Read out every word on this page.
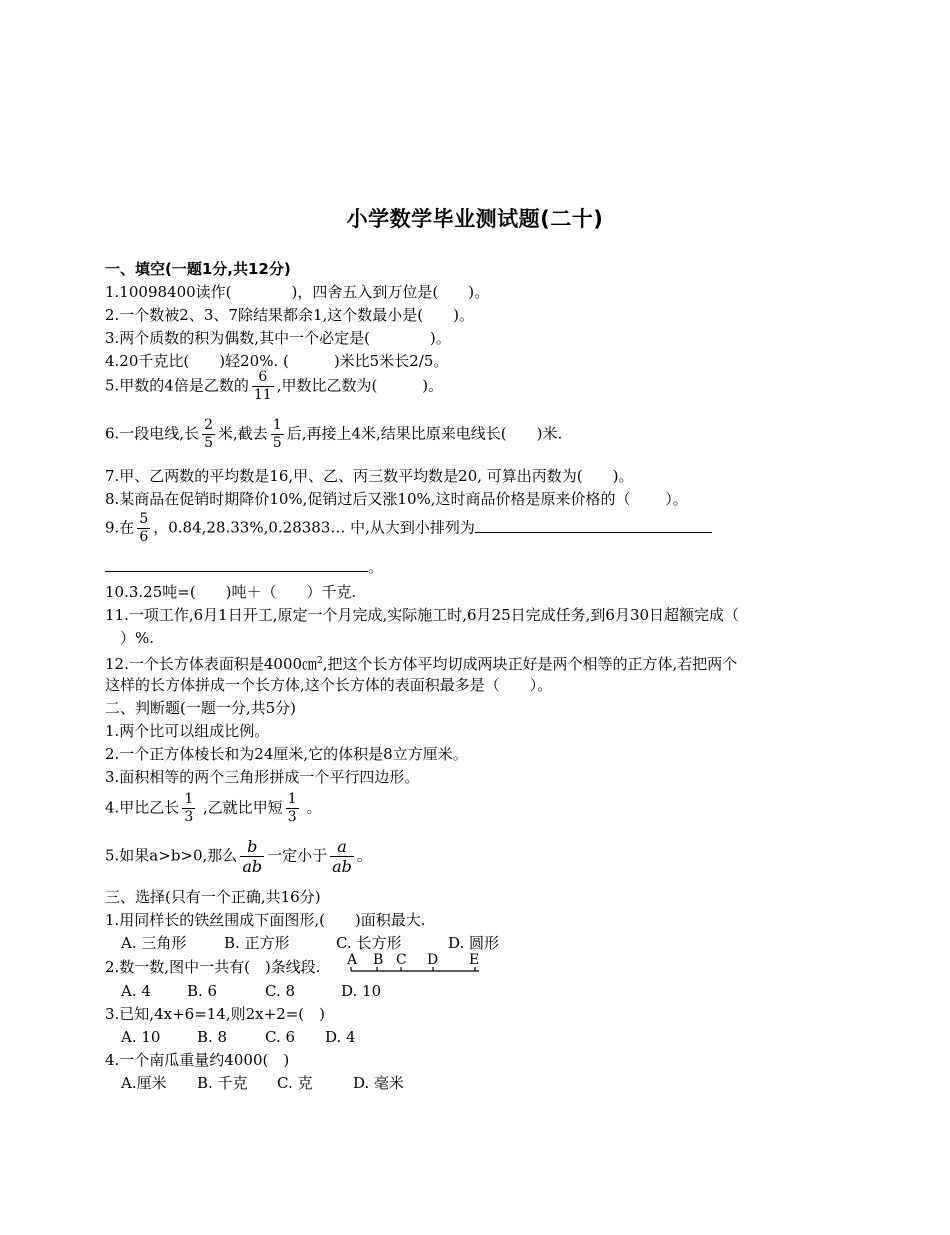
小学数学毕业测试题(二十)
一、填空(一题1分,共12分)
1.10098400读作(　　　　)，四舍五入到万位是(　　)。
2.一个数被2、3、7除结果都余1,这个数最小是(　　)。
3.两个质数的积为偶数,其中一个必定是(　　　　)。
4.20千克比(　　)轻20%. (　　　)米比5米长2/5。
5.甲数的4倍是乙数的 $\frac{6}{11}$ ,甲数比乙数为(　　　)。
6.一段电线,长 $\frac{2}{5}$ 米,截去 $\frac{1}{5}$ 后,再接上4米,结果比原来电线长(　　)米.
7.甲、乙两数的平均数是16,甲、乙、丙三数平均数是20, 可算出丙数为(　　)。
8.某商品在促销时期降价10%,促销过后又涨10%,这时商品价格是原来价格的（　　 ）。
9.在 $\frac{5}{6}$ ，0.84,28.33%,0.28383… 中,从大到小排列为
。
10.3.25吨=(　　)吨＋（　　）千克.
11.一项工作,6月1日开工,原定一个月完成,实际施工时,6月25日完成任务,到6月30日超额完成（
　）%.
12.一个长方体表面积是4000㎝$^2$,把这个长方体平均切成两块正好是两个相等的正方体,若把两个
这样的长方体拼成一个长方体,这个长方体的表面积最多是（　　）。
二、判断题(一题一分,共5分)
1.两个比可以组成比例。
2.一个正方体棱长和为24厘米,它的体积是8立方厘米。
3.面积相等的两个三角形拼成一个平行四边形。
4.甲比乙长 $\frac{1}{3}$ ,乙就比甲短 $\frac{1}{3}$ 。
5.如果a>b>0,那么 $\frac{b}{ab}$ 一定小于 $\frac{a}{ab}$ 。
三、选择(只有一个正确,共16分)
1.用同样长的铁丝围成下面图形,(　　)面积最大.
A. 三角形	B. 正方形	C. 长方形	D. 圆形
2.数一数,图中一共有(　)条线段. A B C D E
A. 4 B. 6	C. 8	D. 10
3.已知,4x+6=14,则2x+2=(　)
A. 10 B. 8	C. 6 D. 4
4.一个南瓜重量约4000(　)
A.厘米 B. 千克 C. 克	D. 毫米
